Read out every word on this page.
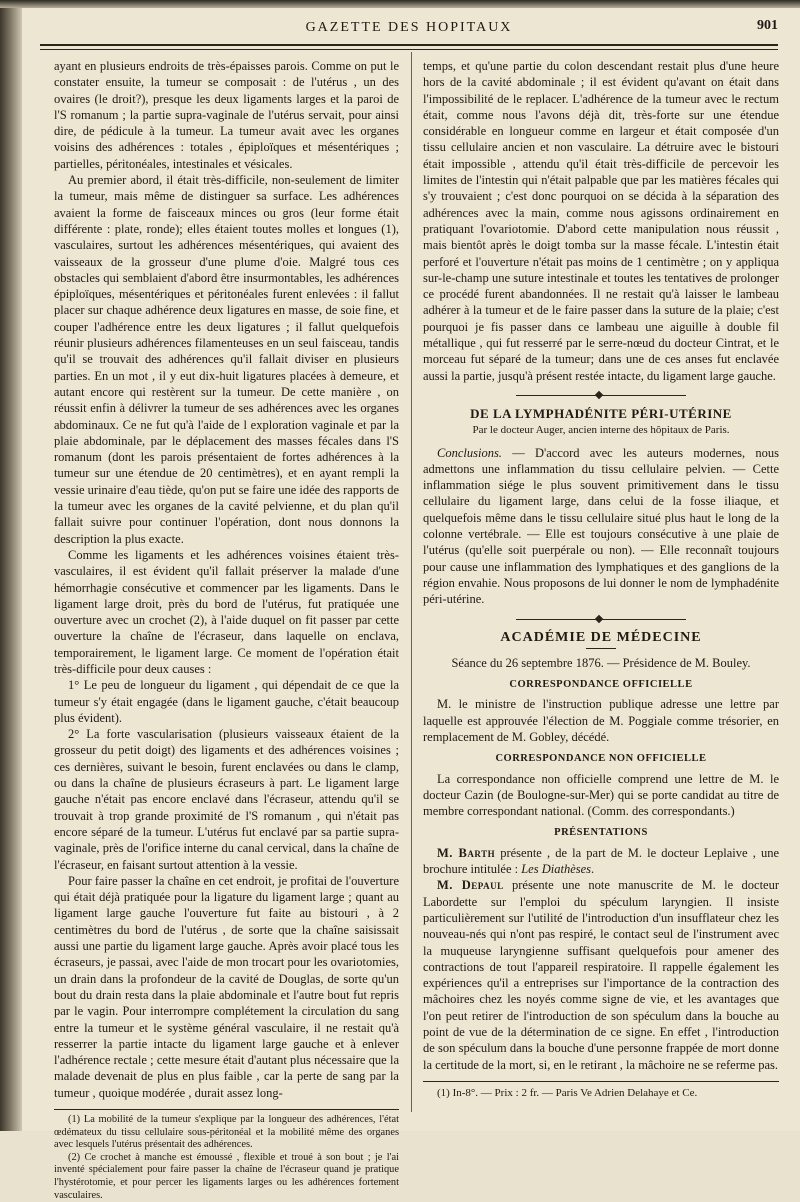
GAZETTE DES HOPITAUX	901

ayant en plusieurs endroits de très-épaisses parois. Comme on put le constater ensuite, la tumeur se composait : de l'utérus , un des ovaires (le droit?), presque les deux ligaments larges et la paroi de l'S romanum ; la partie supra-vaginale de l'utérus servait, pour ainsi dire, de pédicule à la tumeur. La tumeur avait avec les organes voisins des adhérences : totales , épiploïques et mésentériques ; partielles, péritonéales, intestinales et vésicales.

Au premier abord, il était très-difficile, non-seulement de limiter la tumeur, mais même de distinguer sa surface. Les adhérences avaient la forme de faisceaux minces ou gros (leur forme était différente : plate, ronde); elles étaient toutes molles et longues (1), vasculaires, surtout les adhérences mésentériques, qui avaient des vaisseaux de la grosseur d'une plume d'oie. Malgré tous ces obstacles qui semblaient d'abord être insurmontables, les adhérences épiploïques, mésentériques et péritonéales furent enlevées : il fallut placer sur chaque adhérence deux ligatures en masse, de soie fine, et couper l'adhérence entre les deux ligatures ; il fallut quelquefois réunir plusieurs adhérences filamenteuses en un seul faisceau, tandis qu'il se trouvait des adhérences qu'il fallait diviser en plusieurs parties. En un mot , il y eut dix-huit ligatures placées à demeure, et autant encore qui restèrent sur la tumeur. De cette manière , on réussit enfin à délivrer la tumeur de ses adhérences avec les organes abdominaux. Ce ne fut qu'à l'aide de l exploration vaginale et par la plaie abdominale, par le déplacement des masses fécales dans l'S romanum (dont les parois présentaient de fortes adhérences à la tumeur sur une étendue de 20 centimètres), et en ayant rempli la vessie urinaire d'eau tiède, qu'on put se faire une idée des rapports de la tumeur avec les organes de la cavité pelvienne, et du plan qu'il fallait suivre pour continuer l'opération, dont nous donnons la description la plus exacte.

Comme les ligaments et les adhérences voisines étaient très-vasculaires, il est évident qu'il fallait préserver la malade d'une hémorrhagie consécutive et commencer par les ligaments. Dans le ligament large droit, près du bord de l'utérus, fut pratiquée une ouverture avec un crochet (2), à l'aide duquel on fit passer par cette ouverture la chaîne de l'écraseur, dans laquelle on enclava, temporairement, le ligament large. Ce moment de l'opération était très-difficile pour deux causes :

1° Le peu de longueur du ligament , qui dépendait de ce que la tumeur s'y était engagée (dans le ligament gauche, c'était beaucoup plus évident).

2° La forte vascularisation (plusieurs vaisseaux étaient de la grosseur du petit doigt) des ligaments et des adhérences voisines ; ces dernières, suivant le besoin, furent enclavées ou dans le clamp, ou dans la chaîne de plusieurs écraseurs à part. Le ligament large gauche n'était pas encore enclavé dans l'écraseur, attendu qu'il se trouvait à trop grande proximité de l'S romanum , qui n'était pas encore séparé de la tumeur. L'utérus fut enclavé par sa partie supra-vaginale, près de l'orifice interne du canal cervical, dans la chaîne de l'écraseur, en faisant surtout attention à la vessie.

Pour faire passer la chaîne en cet endroit, je profitai de l'ouverture qui était déjà pratiquée pour la ligature du ligament large ; quant au ligament large gauche l'ouverture fut faite au bistouri , à 2 centimètres du bord de l'utérus , de sorte que la chaîne saisissait aussi une partie du ligament large gauche. Après avoir placé tous les écraseurs, je passai, avec l'aide de mon trocart pour les ovariotomies, un drain dans la profondeur de la cavité de Douglas, de sorte qu'un bout du drain resta dans la plaie abdominale et l'autre bout fut repris par le vagin. Pour interrompre complétement la circulation du sang entre la tumeur et le système général vasculaire, il ne restait qu'à resserrer la partie intacte du ligament large gauche et à enlever l'adhérence rectale ; cette mesure était d'autant plus nécessaire que la malade devenait de plus en plus faible , car la perte de sang par la tumeur , quoique modérée , durait assez long-

(1) La mobilité de la tumeur s'explique par la longueur des adhérences, l'état œdémateux du tissu cellulaire sous-péritonéal et la mobilité même des organes avec lesquels l'utérus présentait des adhérences.

(2) Ce crochet à manche est émoussé , flexible et troué à son bout ; je l'ai inventé spécialement pour faire passer la chaîne de l'écraseur quand je pratique l'hystérotomie, et pour percer les ligaments larges ou les adhérences fortement vasculaires.

temps, et qu'une partie du colon descendant restait plus d'une heure hors de la cavité abdominale ; il est évident qu'avant on était dans l'impossibilité de le replacer. L'adhérence de la tumeur avec le rectum était, comme nous l'avons déjà dit, très-forte sur une étendue considérable en longueur comme en largeur et était composée d'un tissu cellulaire ancien et non vasculaire. La détruire avec le bistouri était impossible , attendu qu'il était très-difficile de percevoir les limites de l'intestin qui n'était palpable que par les matières fécales qui s'y trouvaient ; c'est donc pourquoi on se décida à la séparation des adhérences avec la main, comme nous agissons ordinairement en pratiquant l'ovariotomie. D'abord cette manipulation nous réussit , mais bientôt après le doigt tomba sur la masse fécale. L'intestin était perforé et l'ouverture n'était pas moins de 1 centimètre ; on y appliqua sur-le-champ une suture intestinale et toutes les tentatives de prolonger ce procédé furent abandonnées. Il ne restait qu'à laisser le lambeau adhérer à la tumeur et de le faire passer dans la suture de la plaie; c'est pourquoi je fis passer dans ce lambeau une aiguille à double fil métallique , qui fut resserré par le serre-nœud du docteur Cintrat, et le morceau fut séparé de la tumeur; dans une de ces anses fut enclavée aussi la partie, jusqu'à présent restée intacte, du ligament large gauche.

DE LA LYMPHADÉNITE PÉRI-UTÉRINE
Par le docteur Auger, ancien interne des hôpitaux de Paris.

Conclusions. — D'accord avec les auteurs modernes, nous admettons une inflammation du tissu cellulaire pelvien. — Cette inflammation siége le plus souvent primitivement dans le tissu cellulaire du ligament large, dans celui de la fosse iliaque, et quelquefois même dans le tissu cellulaire situé plus haut le long de la colonne vertébrale. — Elle est toujours consécutive à une plaie de l'utérus (qu'elle soit puerpérale ou non). — Elle reconnaît toujours pour cause une inflammation des lymphatiques et des ganglions de la région envahie. Nous proposons de lui donner le nom de lymphadénite péri-utérine.

ACADÉMIE DE MÉDECINE

Séance du 26 septembre 1876. — Présidence de M. Bouley.

CORRESPONDANCE OFFICIELLE

M. le ministre de l'instruction publique adresse une lettre par laquelle est approuvée l'élection de M. Poggiale comme trésorier, en remplacement de M. Gobley, décédé.

CORRESPONDANCE NON OFFICIELLE

La correspondance non officielle comprend une lettre de M. le docteur Cazin (de Boulogne-sur-Mer) qui se porte candidat au titre de membre correspondant national. (Comm. des correspondants.)

PRÉSENTATIONS

M. Barth présente , de la part de M. le docteur Leplaive , une brochure intitulée : Les Diathèses.

M. Depaul présente une note manuscrite de M. le docteur Labordette sur l'emploi du spéculum laryngien. Il insiste particulièrement sur l'utilité de l'introduction d'un insufflateur chez les nouveau-nés qui n'ont pas respiré, le contact seul de l'instrument avec la muqueuse laryngienne suffisant quelquefois pour amener des contractions de tout l'appareil respiratoire. Il rappelle également les expériences qu'il a entreprises sur l'importance de la contraction des mâchoires chez les noyés comme signe de vie, et les avantages que l'on peut retirer de l'introduction de son spéculum dans la bouche au point de vue de la détermination de ce signe. En effet , l'introduction de son spéculum dans la bouche d'une personne frappée de mort donne la certitude de la mort, si, en le retirant , la mâchoire ne se referme pas.

(1) In-8°. — Prix : 2 fr. — Paris Ve Adrien Delahaye et Ce.
